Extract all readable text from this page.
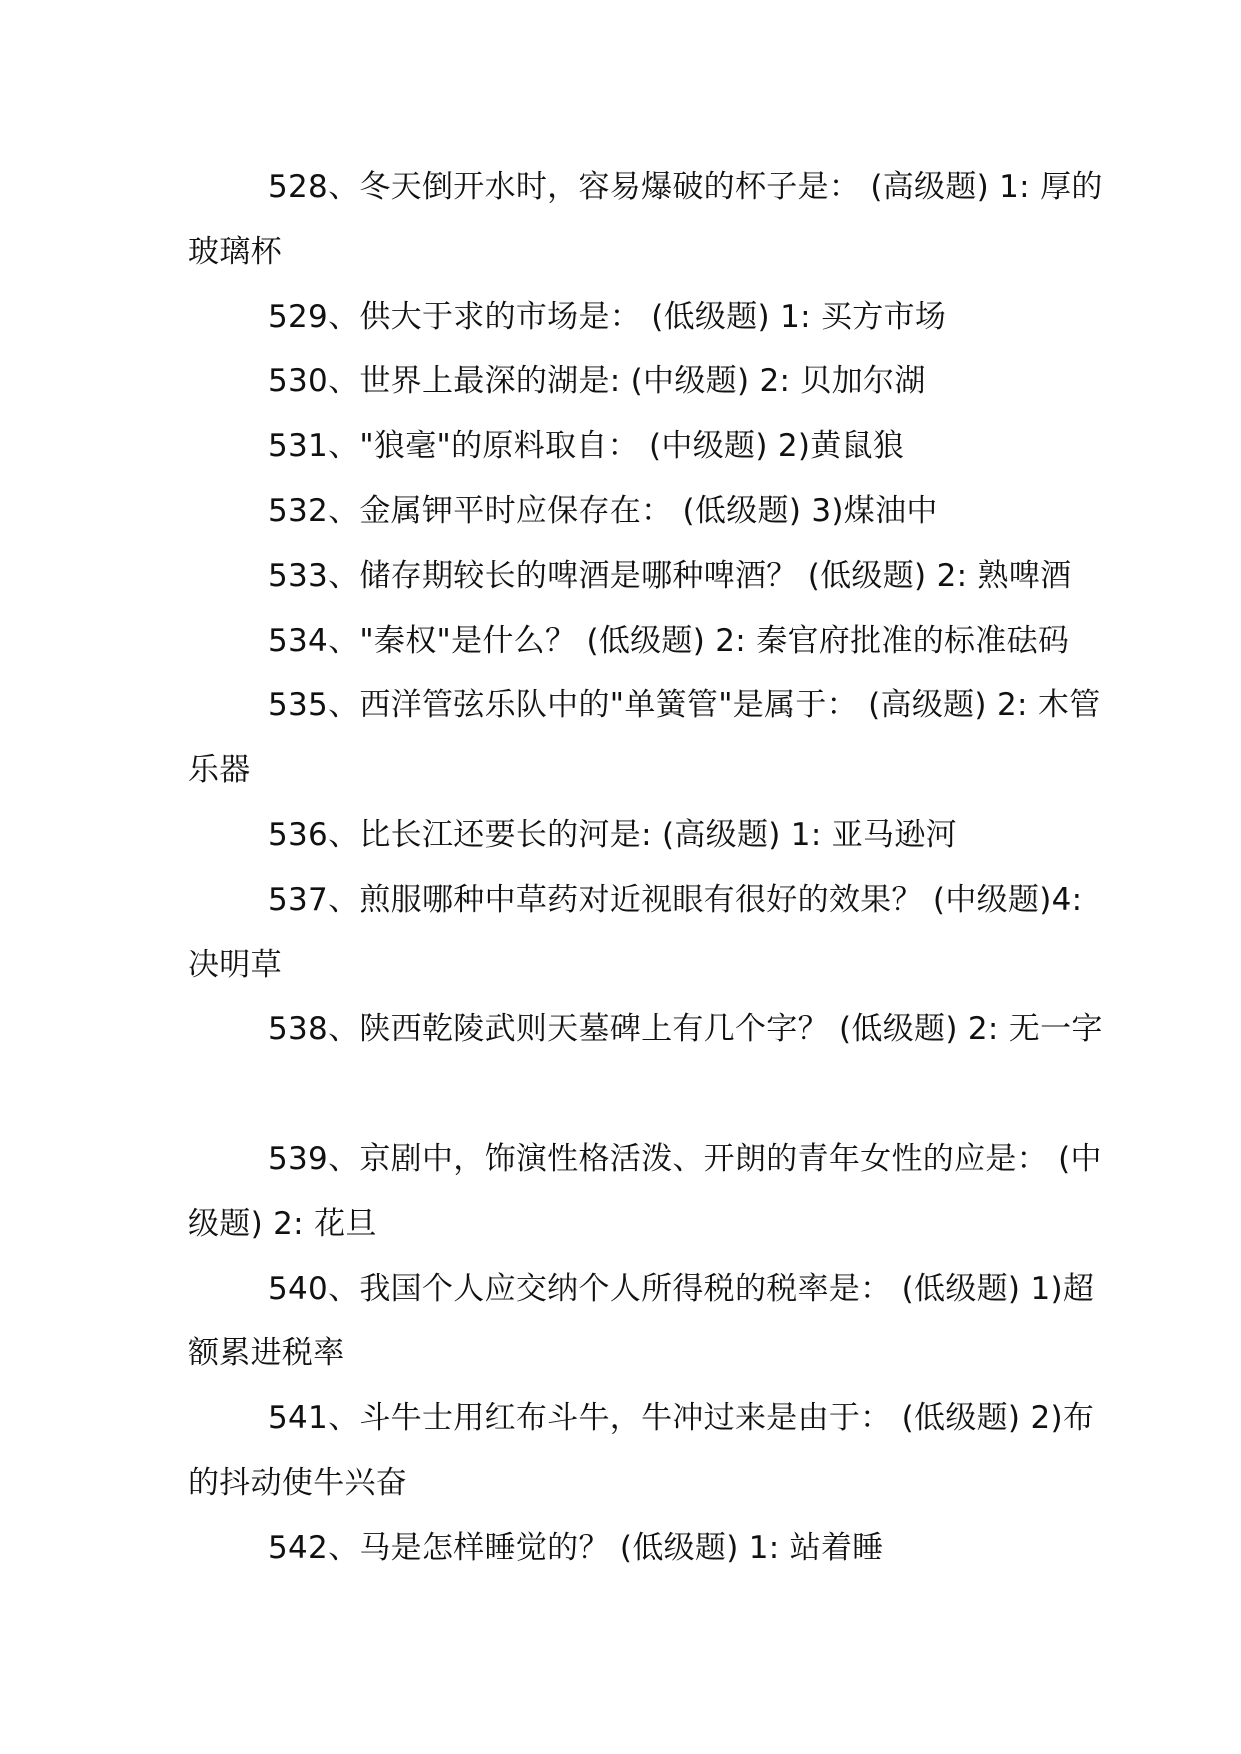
528、冬天倒开水时，容易爆破的杯子是： (高级题) 1: 厚的
玻璃杯

529、供大于求的市场是： (低级题) 1: 买方市场

530、世界上最深的湖是: (中级题) 2: 贝加尔湖

531、"狼毫"的原料取自： (中级题) 2)黄鼠狼

532、金属钾平时应保存在： (低级题) 3)煤油中

533、储存期较长的啤酒是哪种啤酒？ (低级题) 2: 熟啤酒

534、"秦权"是什么？ (低级题) 2: 秦官府批准的标准砝码

535、西洋管弦乐队中的"单簧管"是属于： (高级题) 2: 木管
乐器

536、比长江还要长的河是: (高级题) 1: 亚马逊河

537、煎服哪种中草药对近视眼有很好的效果？ (中级题)4:
决明草

538、陕西乾陵武则天墓碑上有几个字？ (低级题) 2: 无一字

539、京剧中，饰演性格活泼、开朗的青年女性的应是： (中
级题) 2: 花旦

540、我国个人应交纳个人所得税的税率是： (低级题) 1)超
额累进税率

541、斗牛士用红布斗牛，牛冲过来是由于： (低级题) 2)布
的抖动使牛兴奋

542、马是怎样睡觉的？ (低级题) 1: 站着睡
